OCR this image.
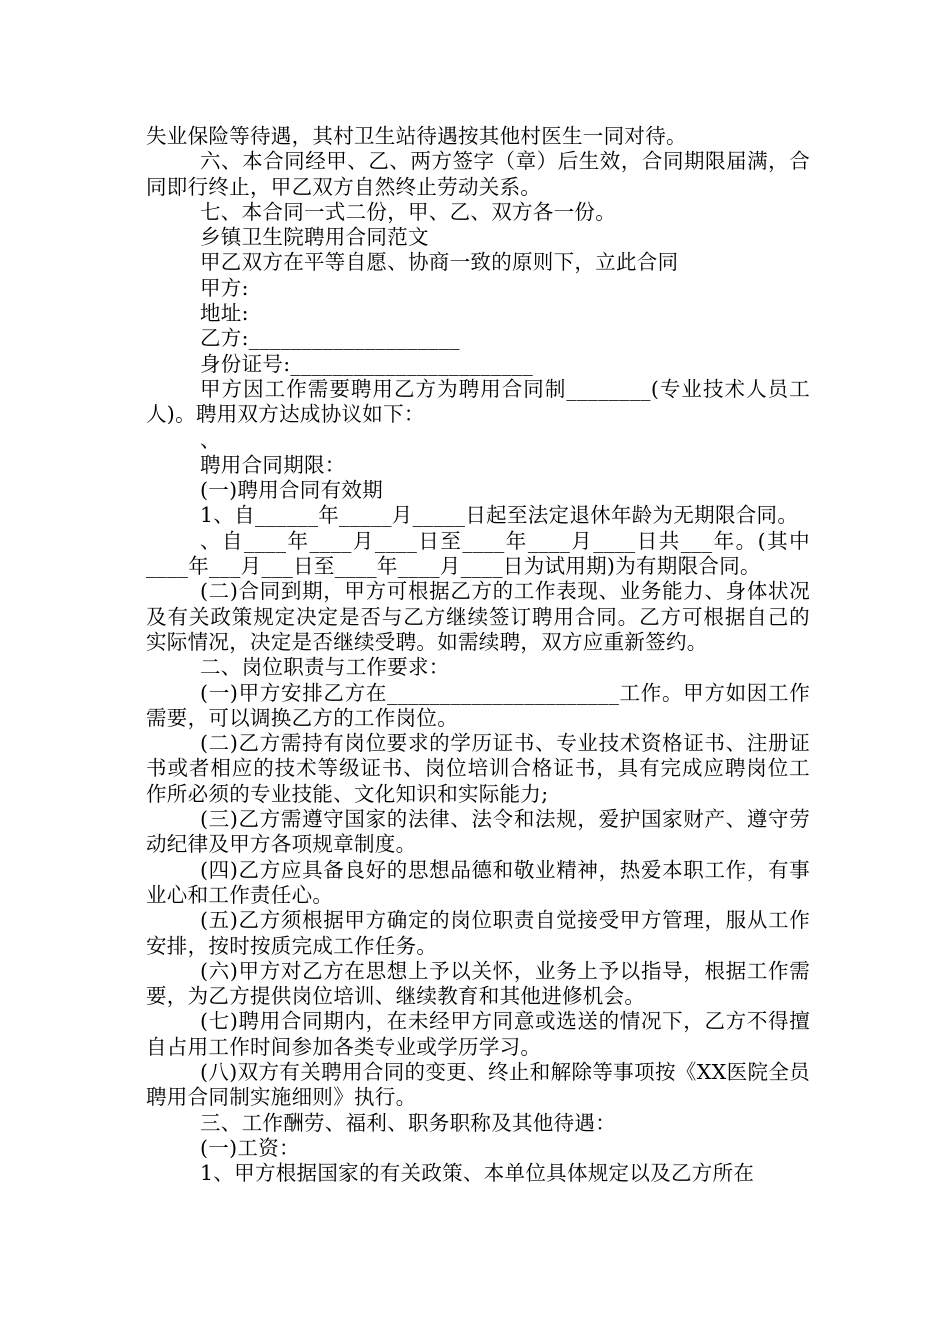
失业保险等待遇，其村卫生站待遇按其他村医生一同对待。

六、本合同经甲、乙、两方签字（章）后生效，合同期限届满，合同即行终止，甲乙双方自然终止劳动关系。

七、本合同一式二份，甲、乙、双方各一份。

乡镇卫生院聘用合同范文

甲乙双方在平等自愿、协商一致的原则下，立此合同

甲方:

地址:

乙方:____________________

身份证号:_______________________

甲方因工作需要聘用乙方为聘用合同制________(专业技术人员工人)。聘用双方达成协议如下：

、

聘用合同期限：

(一)聘用合同有效期

1、自______年_____月_____日起至法定退休年龄为无期限合同。

、自____年____月____日至____年____月____日共___年。(其中____年___月___日至____年____月____日为试用期)为有期限合同。

(二)合同到期，甲方可根据乙方的工作表现、业务能力、身体状况及有关政策规定决定是否与乙方继续签订聘用合同。乙方可根据自己的实际情况，决定是否继续受聘。如需续聘，双方应重新签约。

二、岗位职责与工作要求：

(一)甲方安排乙方在______________________工作。甲方如因工作需要，可以调换乙方的工作岗位。

(二)乙方需持有岗位要求的学历证书、专业技术资格证书、注册证书或者相应的技术等级证书、岗位培训合格证书，具有完成应聘岗位工作所必须的专业技能、文化知识和实际能力;

(三)乙方需遵守国家的法律、法令和法规，爱护国家财产、遵守劳动纪律及甲方各项规章制度。

(四)乙方应具备良好的思想品德和敬业精神，热爱本职工作，有事业心和工作责任心。

(五)乙方须根据甲方确定的岗位职责自觉接受甲方管理，服从工作安排，按时按质完成工作任务。

(六)甲方对乙方在思想上予以关怀，业务上予以指导，根据工作需要，为乙方提供岗位培训、继续教育和其他进修机会。

(七)聘用合同期内，在未经甲方同意或选送的情况下，乙方不得擅自占用工作时间参加各类专业或学历学习。

(八)双方有关聘用合同的变更、终止和解除等事项按《XX医院全员聘用合同制实施细则》执行。

三、工作酬劳、福利、职务职称及其他待遇：

(一)工资：

1、甲方根据国家的有关政策、本单位具体规定以及乙方所在
